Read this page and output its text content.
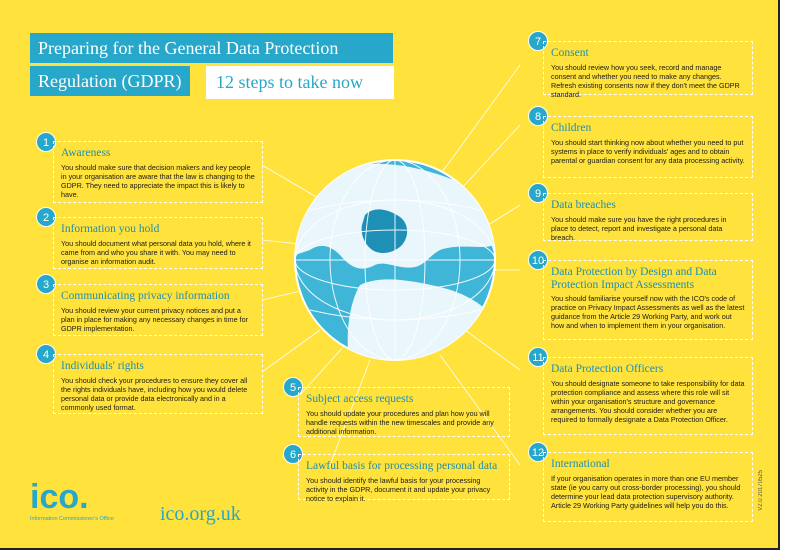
Preparing for the General Data Protection
Regulation (GDPR)	12 steps to take now
1
Awareness

You should make sure that decision makers and key people in your organisation are aware that the law is changing to the GDPR. They need to appreciate the impact this is likely to have.

2
Information you hold

You should document what personal data you hold, where it came from and who you share it with. You may need to organise an information audit.

3
Communicating privacy information

You should review your current privacy notices and put a plan in place for making any necessary changes in time for GDPR implementation.

4
Individuals' rights

You should check your procedures to ensure they cover all the rights individuals have, including how you would delete personal data or provide data electronically and in a commonly used format.

5
Subject access requests

You should update your procedures and plan how you will handle requests within the new timescales and provide any additional information.

6
Lawful basis for processing personal data

You should identify the lawful basis for your processing activity in the GDPR, document it and update your privacy notice to explain it.

7
Consent

You should review how you seek, record and manage consent and whether you need to make any changes. Refresh existing consents now if they don't meet the GDPR standard.

8
Children

You should start thinking now about whether you need to put systems in place to verify individuals' ages and to obtain parental or guardian consent for any data processing activity.

9
Data breaches

You should make sure you have the right procedures in place to detect, report and investigate a personal data breach.

10
Data Protection by Design and Data Protection Impact Assessments

You should familiarise yourself now with the ICO's code of practice on Privacy Impact Assessments as well as the latest guidance from the Article 29 Working Party, and work out how and when to implement them in your organisation.

11
Data Protection Officers

You should designate someone to take responsibility for data protection compliance and assess where this role will sit within your organisation's structure and governance arrangements. You should consider whether you are required to formally designate a Data Protection Officer.

12
International

If your organisation operates in more than one EU member state (ie you carry out cross-border processing), you should determine your lead data protection supervisory authority. Article 29 Working Party guidelines will help you do this.

ico.
Information Commissioner's Office ico.org.uk
V2.0 20170525
